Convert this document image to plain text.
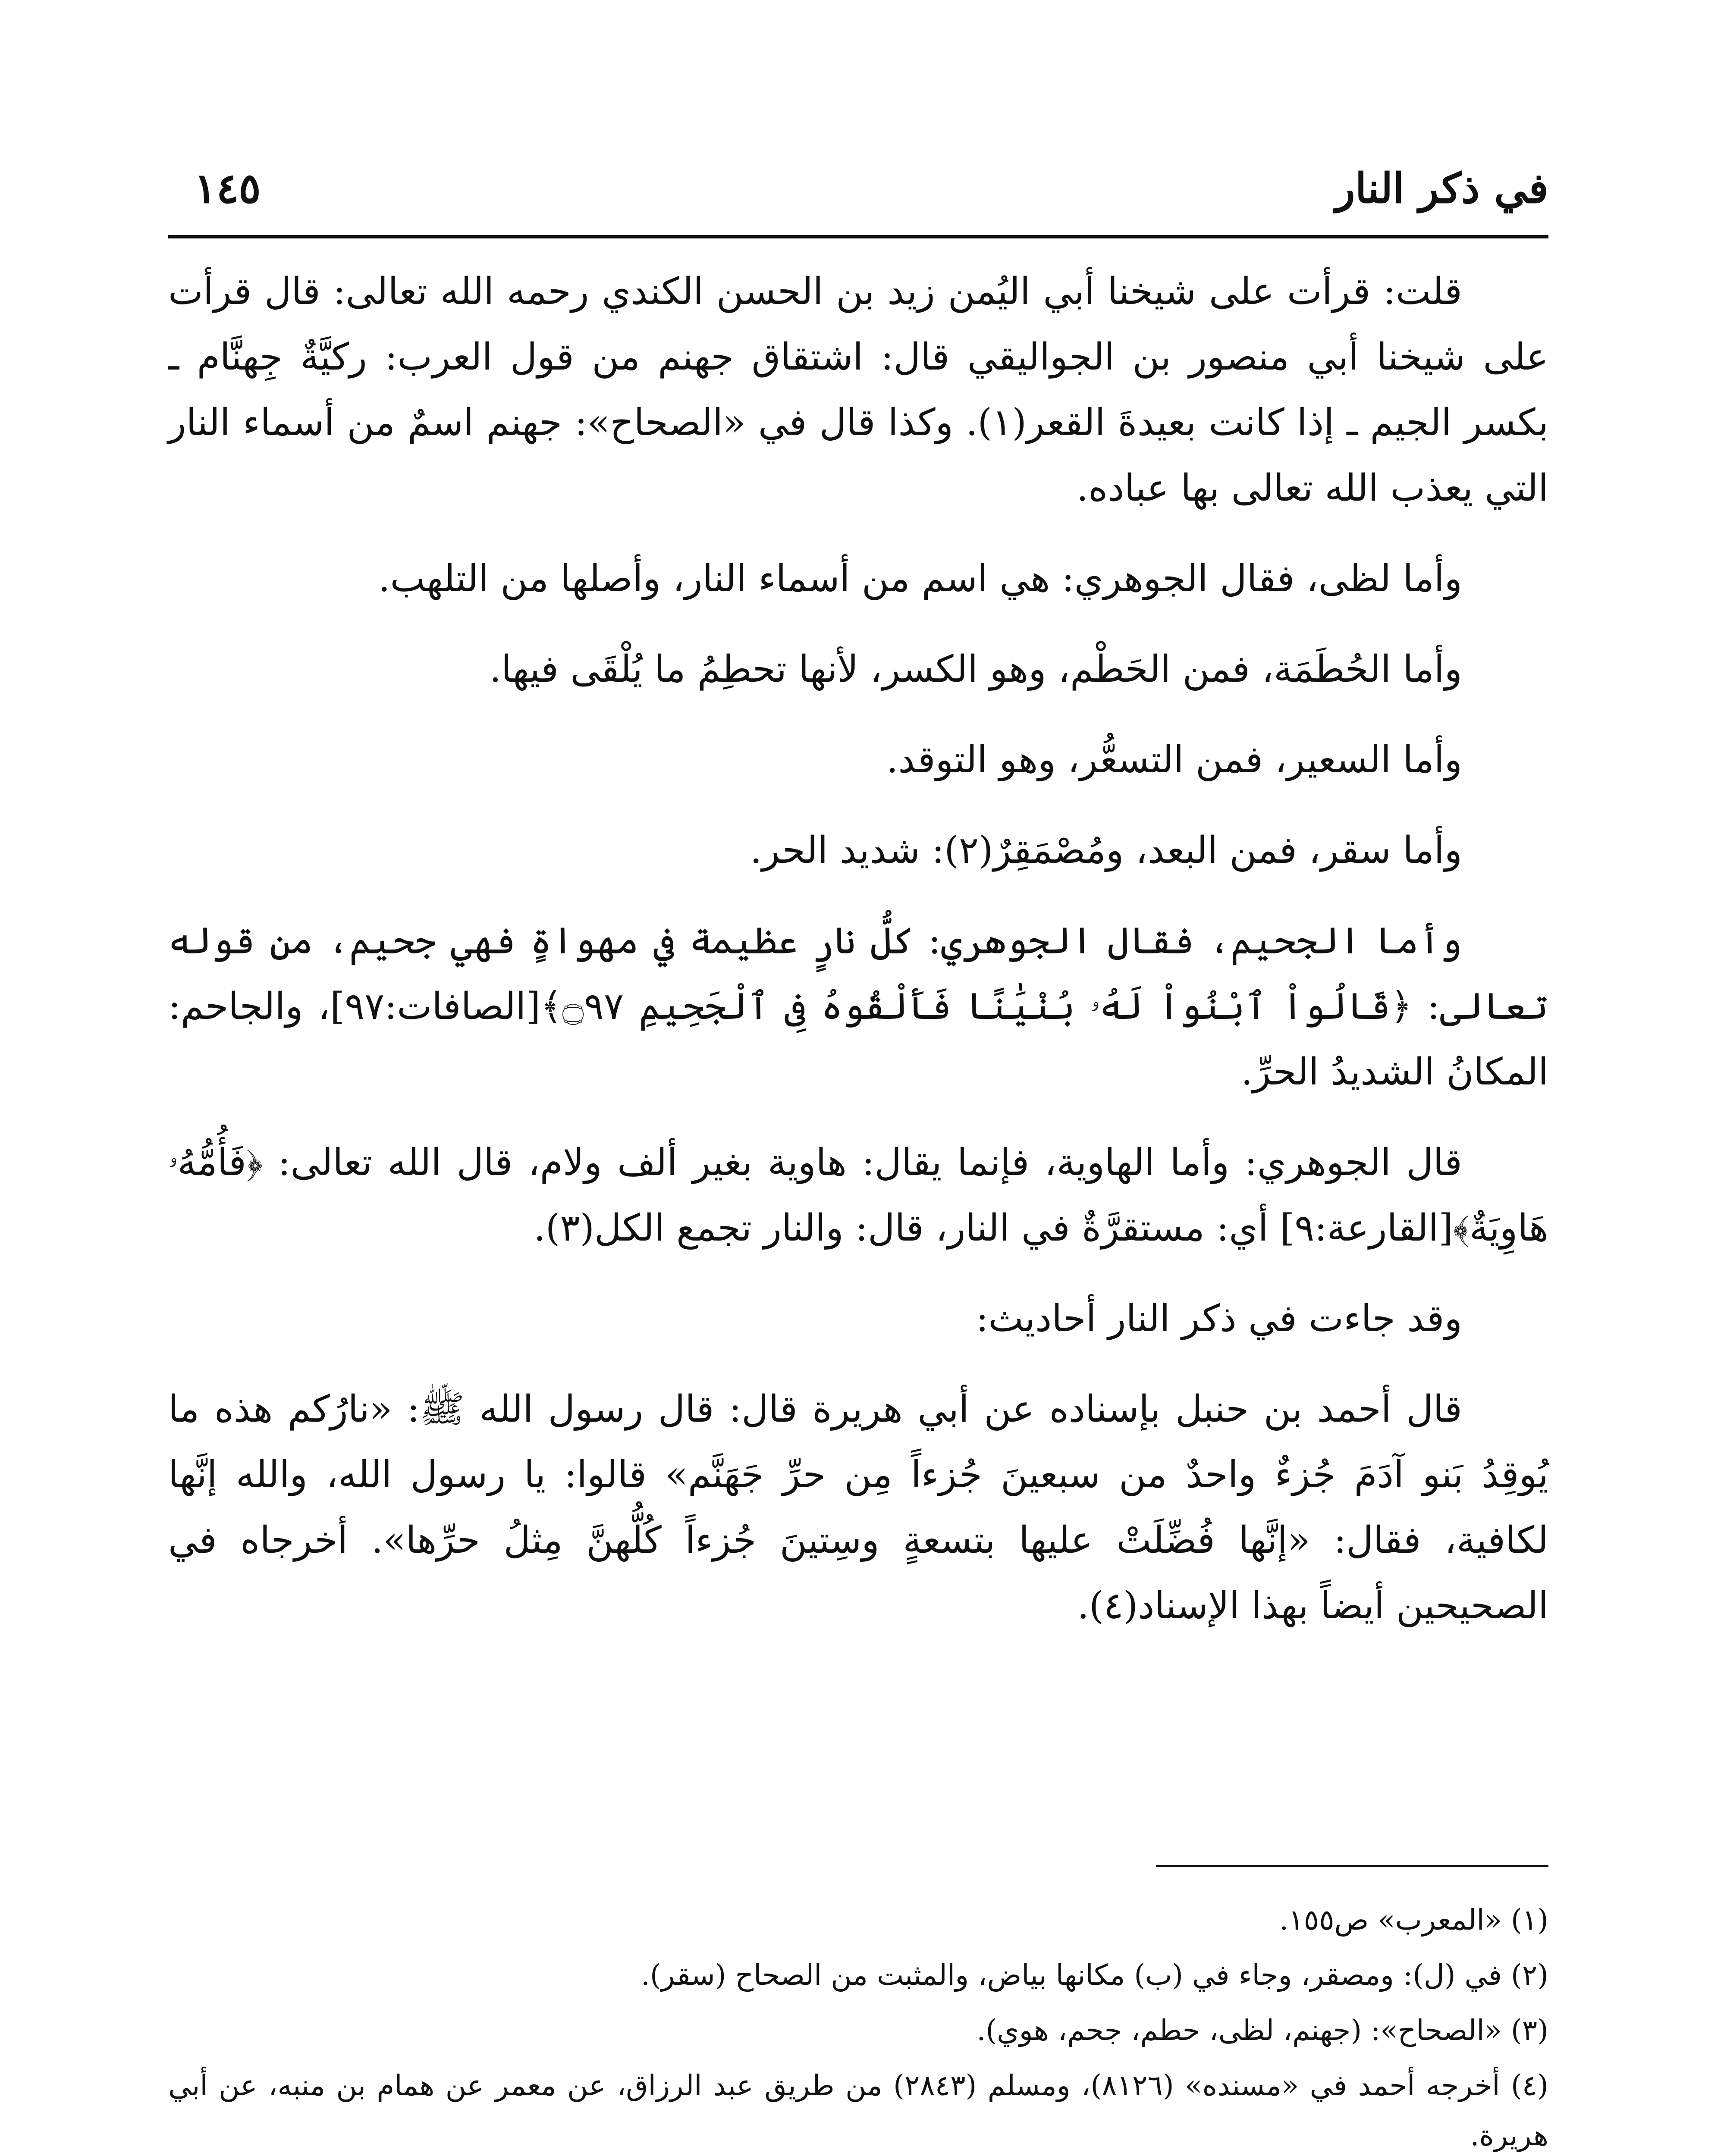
في ذكر النار
١٤٥

قلت: قرأت على شيخنا أبي اليُمن زيد بن الحسن الكندي رحمه الله تعالى: قال قرأت على شيخنا أبي منصور بن الجواليقي قال: اشتقاق جهنم من قول العرب: ركيَّةٌ جِهنَّام ـ بكسر الجيم ـ إذا كانت بعيدةَ القعر(١). وكذا قال في «الصحاح»: جهنم اسمٌ من أسماء النار التي يعذب الله تعالى بها عباده.

وأما لظى، فقال الجوهري: هي اسم من أسماء النار، وأصلها من التلهب.

وأما الحُطَمَة، فمن الحَطْم، وهو الكسر، لأنها تحطِمُ ما يُلْقَى فيها.

وأما السعير، فمن التسعُّر، وهو التوقد.

وأما سقر، فمن البعد، ومُصْمَقِرٌ(٢): شديد الحر.

وأما الجحيم، فقال الجوهري: كلُّ نارٍ عظيمة في مهواةٍ فهي جحيم، من قوله تعالى: ﴿قَالُواْ ٱبْنُواْ لَهُۥ بُنْيَٰنًا فَأَلْقُوهُ فِى ٱلْجَحِيمِ ۝٩٧﴾[الصافات:٩٧]، والجاحم: المكانُ الشديدُ الحرِّ.

قال الجوهري: وأما الهاوية، فإنما يقال: هاوية بغير ألف ولام، قال الله تعالى: ﴿فَأُمُّهُۥ هَاوِيَةٌ﴾[القارعة:٩] أي: مستقرَّةٌ في النار، قال: والنار تجمع الكل(٣).

وقد جاءت في ذكر النار أحاديث:

قال أحمد بن حنبل بإسناده عن أبي هريرة قال: قال رسول الله ﷺ: «نارُكم هذه ما يُوقِدُ بَنو آدَمَ جُزءٌ واحدٌ من سبعينَ جُزءاً مِن حرِّ جَهَنَّم» قالوا: يا رسول الله، والله إنَّها لكافية، فقال: «إنَّها فُضِّلَتْ عليها بتسعةٍ وسِتينَ جُزءاً كُلُّهنَّ مِثلُ حرِّها». أخرجاه في الصحيحين أيضاً بهذا الإسناد(٤).

(١) «المعرب» ص١٥٥.

(٢) في (ل): ومصقر، وجاء في (ب) مكانها بياض، والمثبت من الصحاح (سقر).

(٣) «الصحاح»: (جهنم، لظى، حطم، جحم، هوي).

(٤) أخرجه أحمد في «مسنده» (٨١٢٦)، ومسلم (٢٨٤٣) من طريق عبد الرزاق، عن معمر عن همام بن منبه، عن أبي هريرة.
